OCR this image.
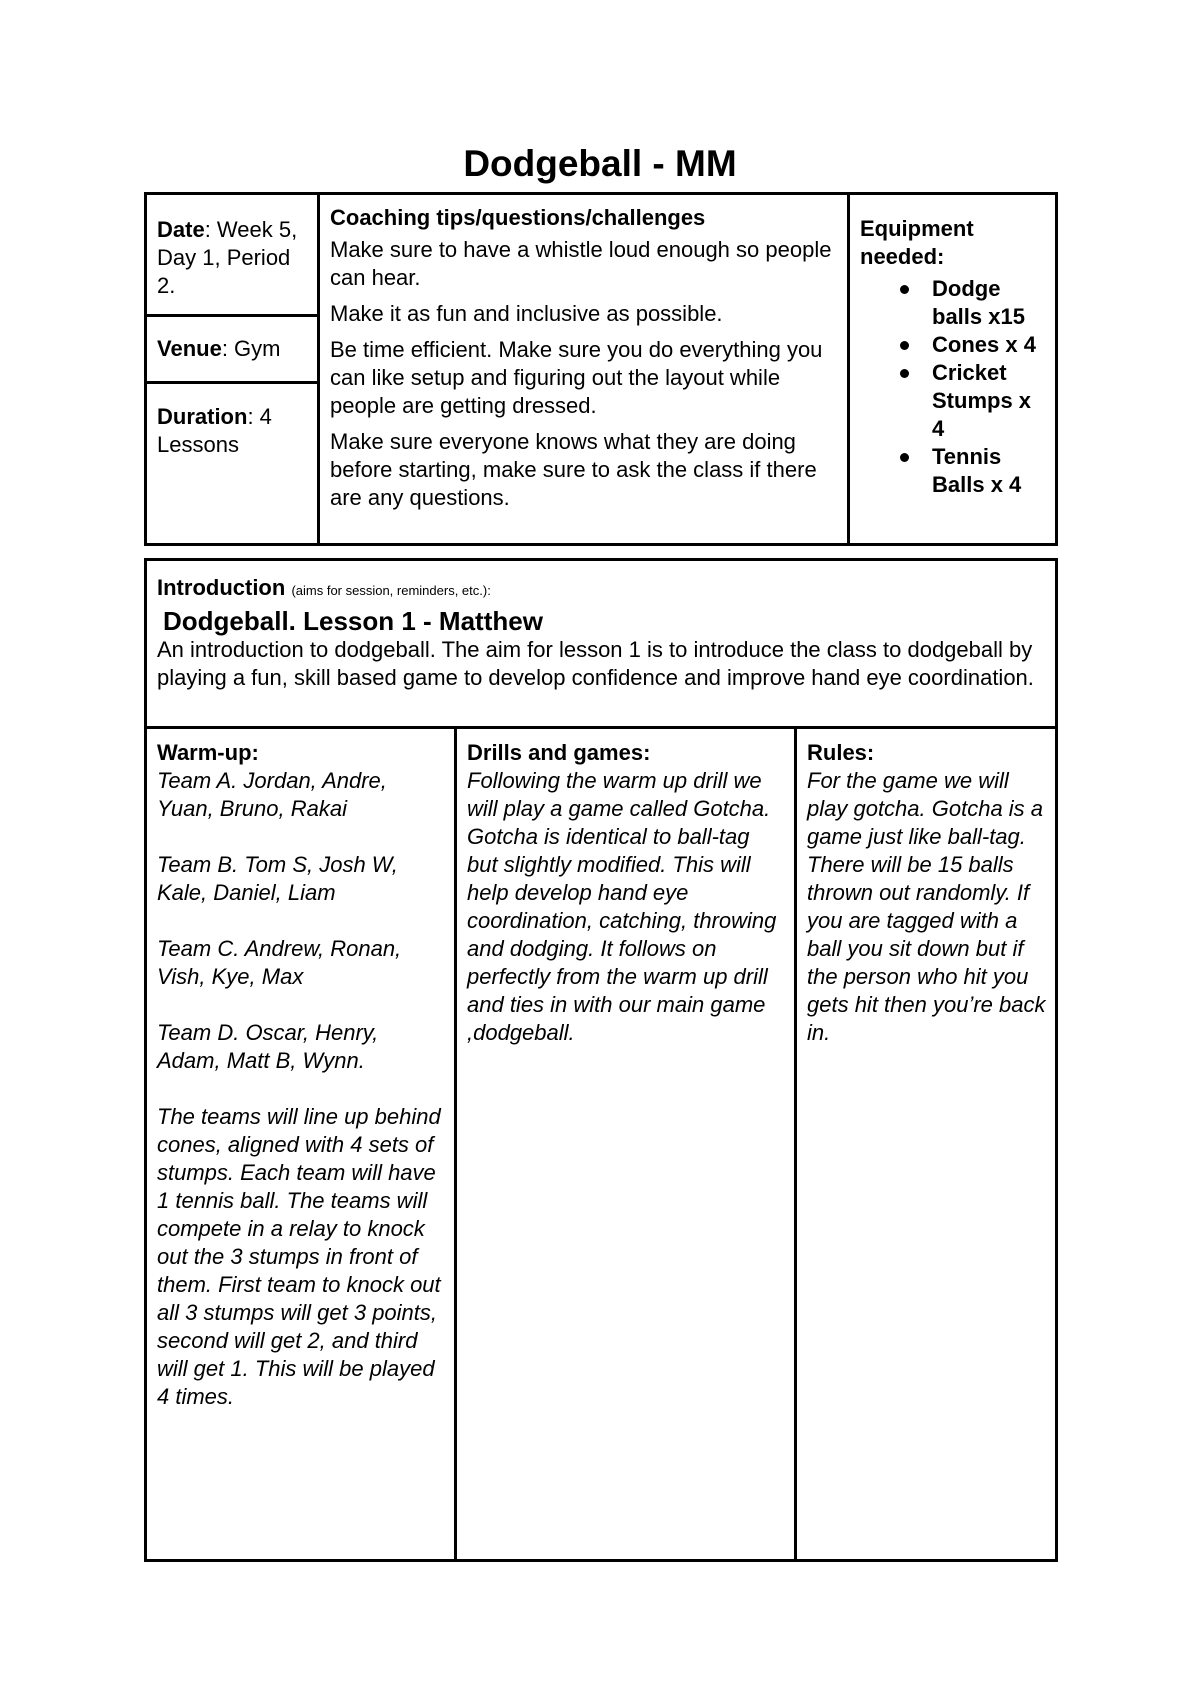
Dodgeball - MM
Date: Week 5, Day 1, Period 2.
Venue: Gym
Duration: 4 Lessons

Coaching tips/questions/challenges

Make sure to have a whistle loud enough so people can hear.

Make it as fun and inclusive as possible.

Be time efficient. Make sure you do everything you can like setup and figuring out the layout while people are getting dressed.

Make sure everyone knows what they are doing before starting, make sure to ask the class if there are any questions.

Equipment needed:

Dodge balls x15
Cones x 4
Cricket Stumps x 4
Tennis Balls x 4

Introduction (aims for session, reminders, etc.):

Dodgeball. Lesson 1 - Matthew

An introduction to dodgeball. The aim for lesson 1 is to introduce the class to dodgeball by playing a fun, skill based game to develop confidence and improve hand eye coordination.

Warm-up:

Team A. Jordan, Andre, Yuan, Bruno, Rakai

Team B. Tom S, Josh W, Kale, Daniel, Liam

Team C. Andrew, Ronan, Vish, Kye, Max

Team D. Oscar, Henry, Adam, Matt B, Wynn.

The teams will line up behind cones, aligned with 4 sets of stumps. Each team will have 1 tennis ball. The teams will compete in a relay to knock out the 3 stumps in front of them. First team to knock out all 3 stumps will get 3 points, second will get 2, and third will get 1. This will be played 4 times.

Drills and games:

Following the warm up drill we will play a game called Gotcha. Gotcha is identical to ball-tag but slightly modified. This will help develop hand eye coordination, catching, throwing and dodging. It follows on perfectly from the warm up drill and ties in with our main game ,dodgeball.

Rules:

For the game we will play gotcha. Gotcha is a game just like ball-tag. There will be 15 balls thrown out randomly. If you are tagged with a ball you sit down but if the person who hit you gets hit then you’re back in.
